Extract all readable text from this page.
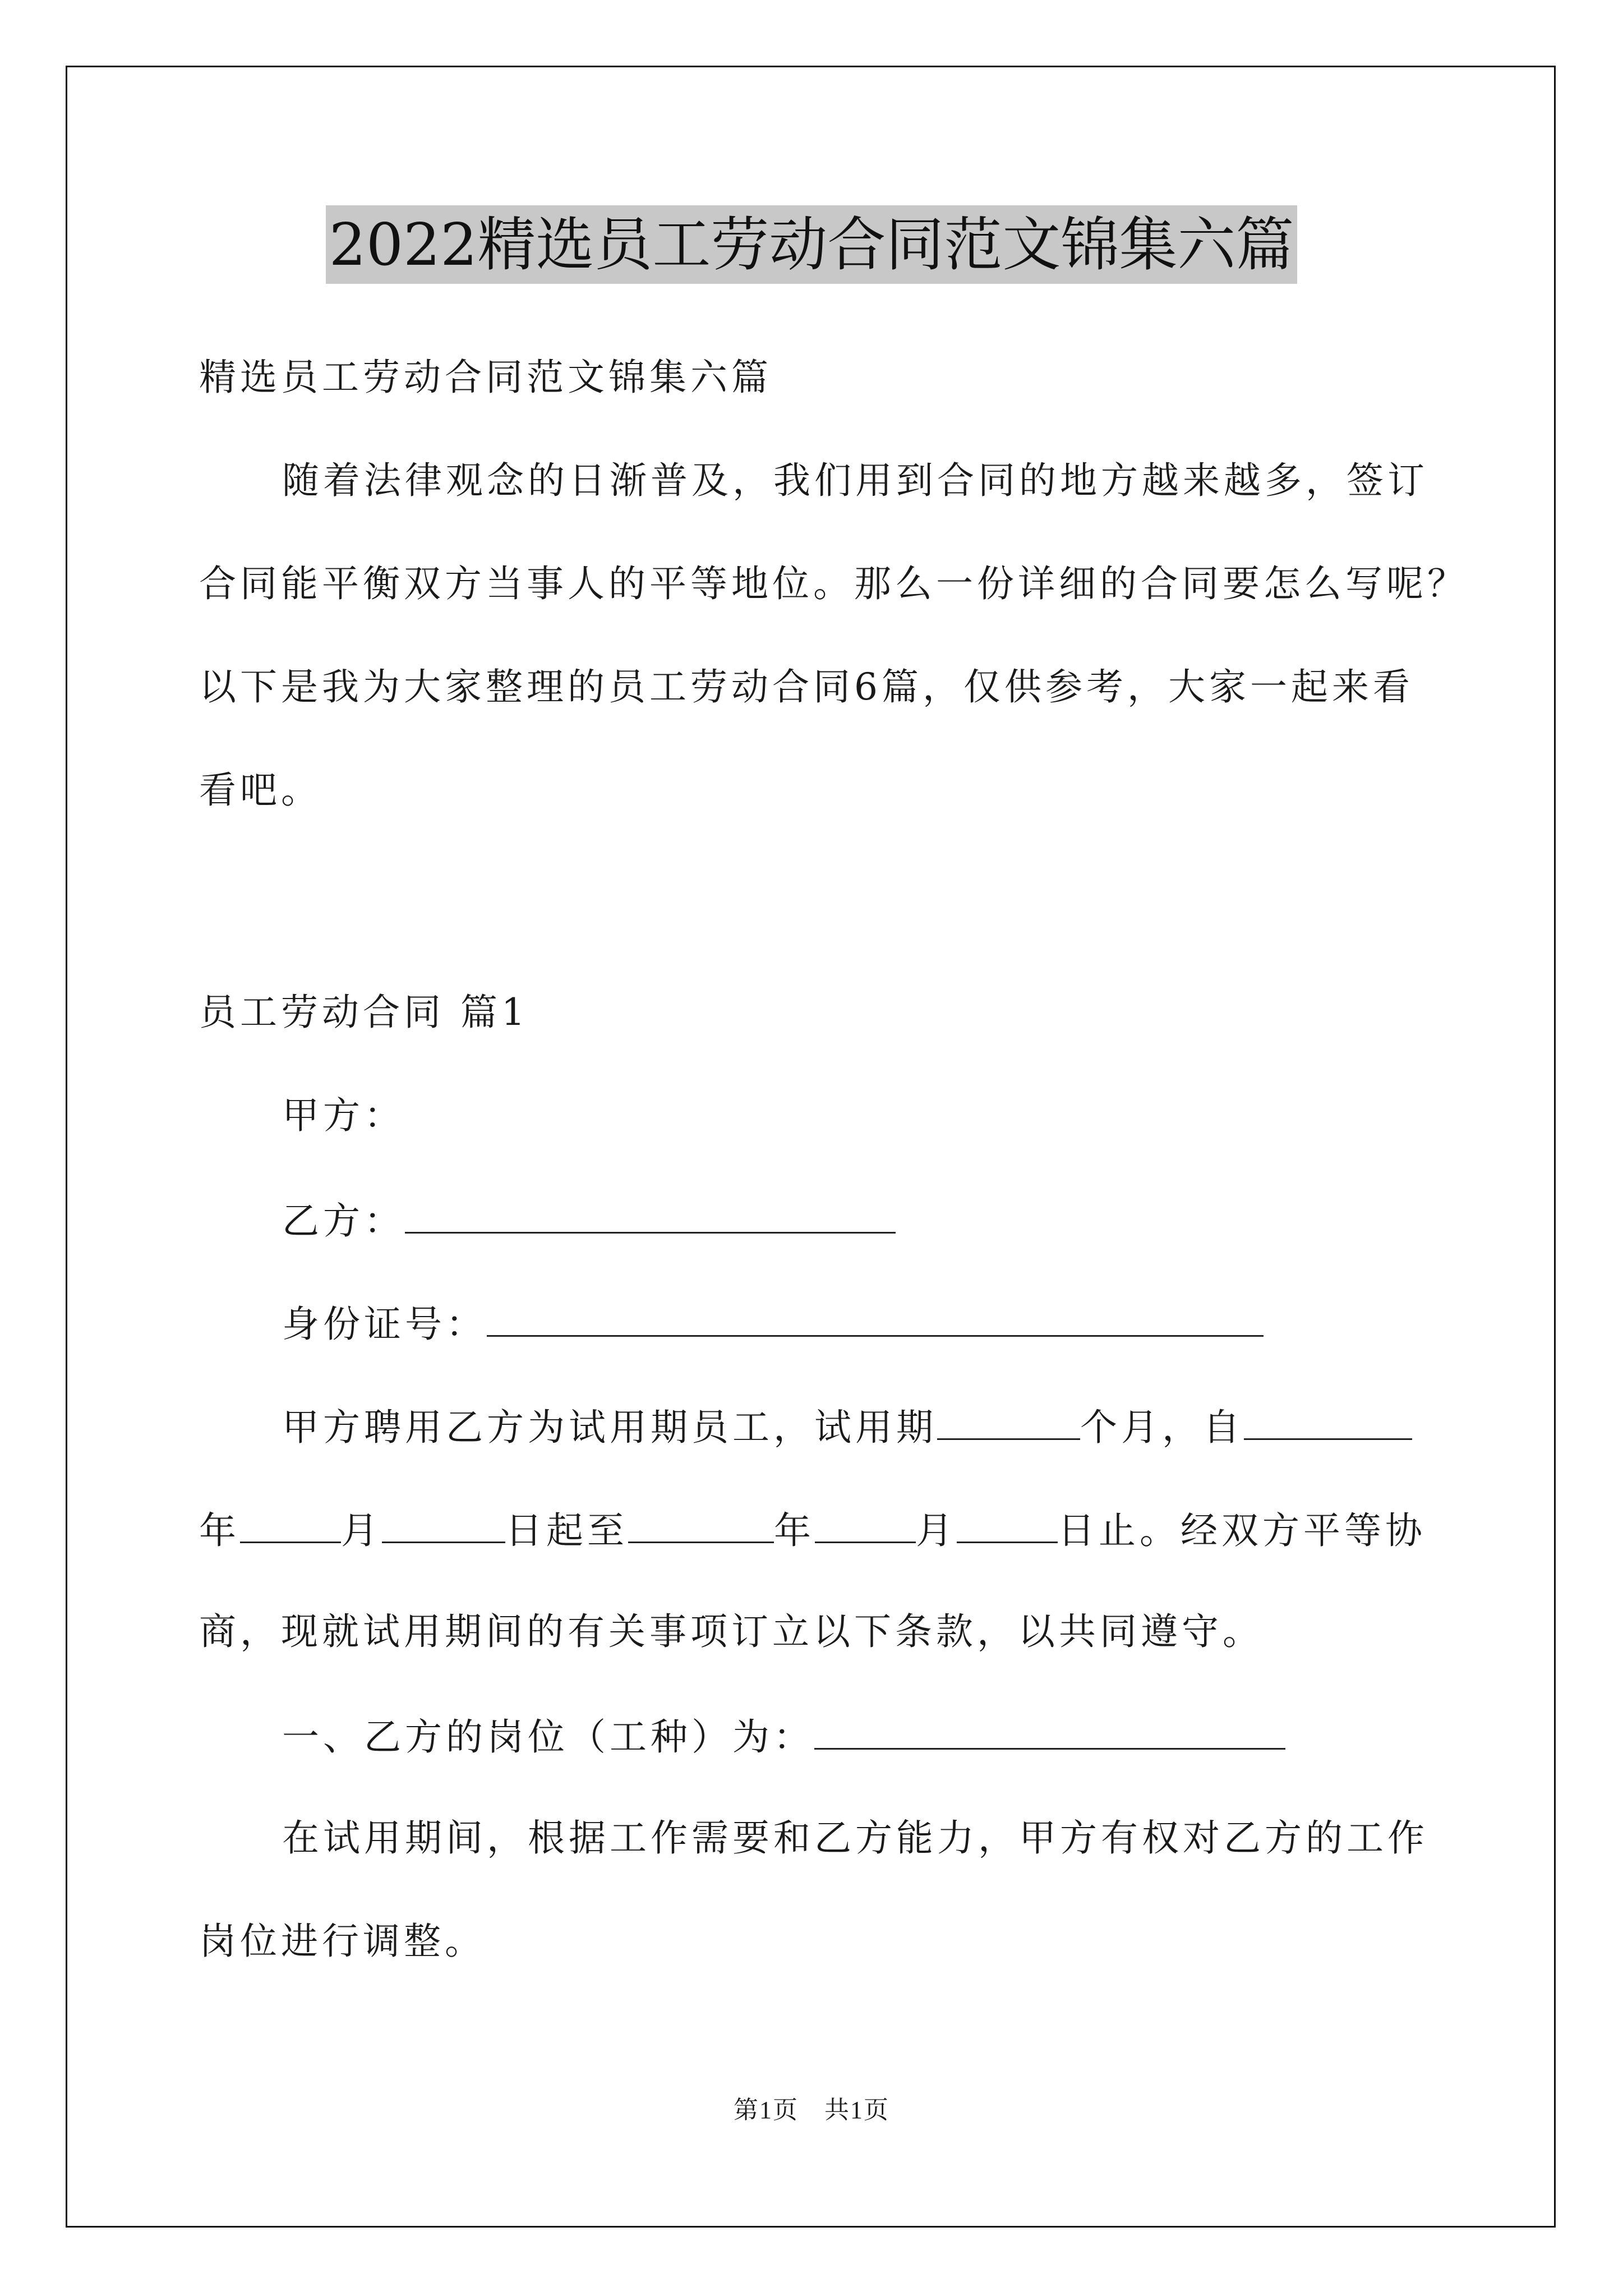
2022精选员工劳动合同范文锦集六篇

精选员工劳动合同范文锦集六篇

随着法律观念的日渐普及，我们用到合同的地方越来越多，签订

合同能平衡双方当事人的平等地位。那么一份详细的合同要怎么写呢？

以下是我为大家整理的员工劳动合同6篇，仅供参考，大家一起来看

看吧。

员工劳动合同 篇1

甲方：

乙方：

身份证号：

甲方聘用乙方为试用期员工，试用期	个月，自

年	月	日起至	年	月	日止。经双方平等协

商，现就试用期间的有关事项订立以下条款，以共同遵守。

一、乙方的岗位（工种）为：

在试用期间，根据工作需要和乙方能力，甲方有权对乙方的工作

岗位进行调整。

第1页　共1页
